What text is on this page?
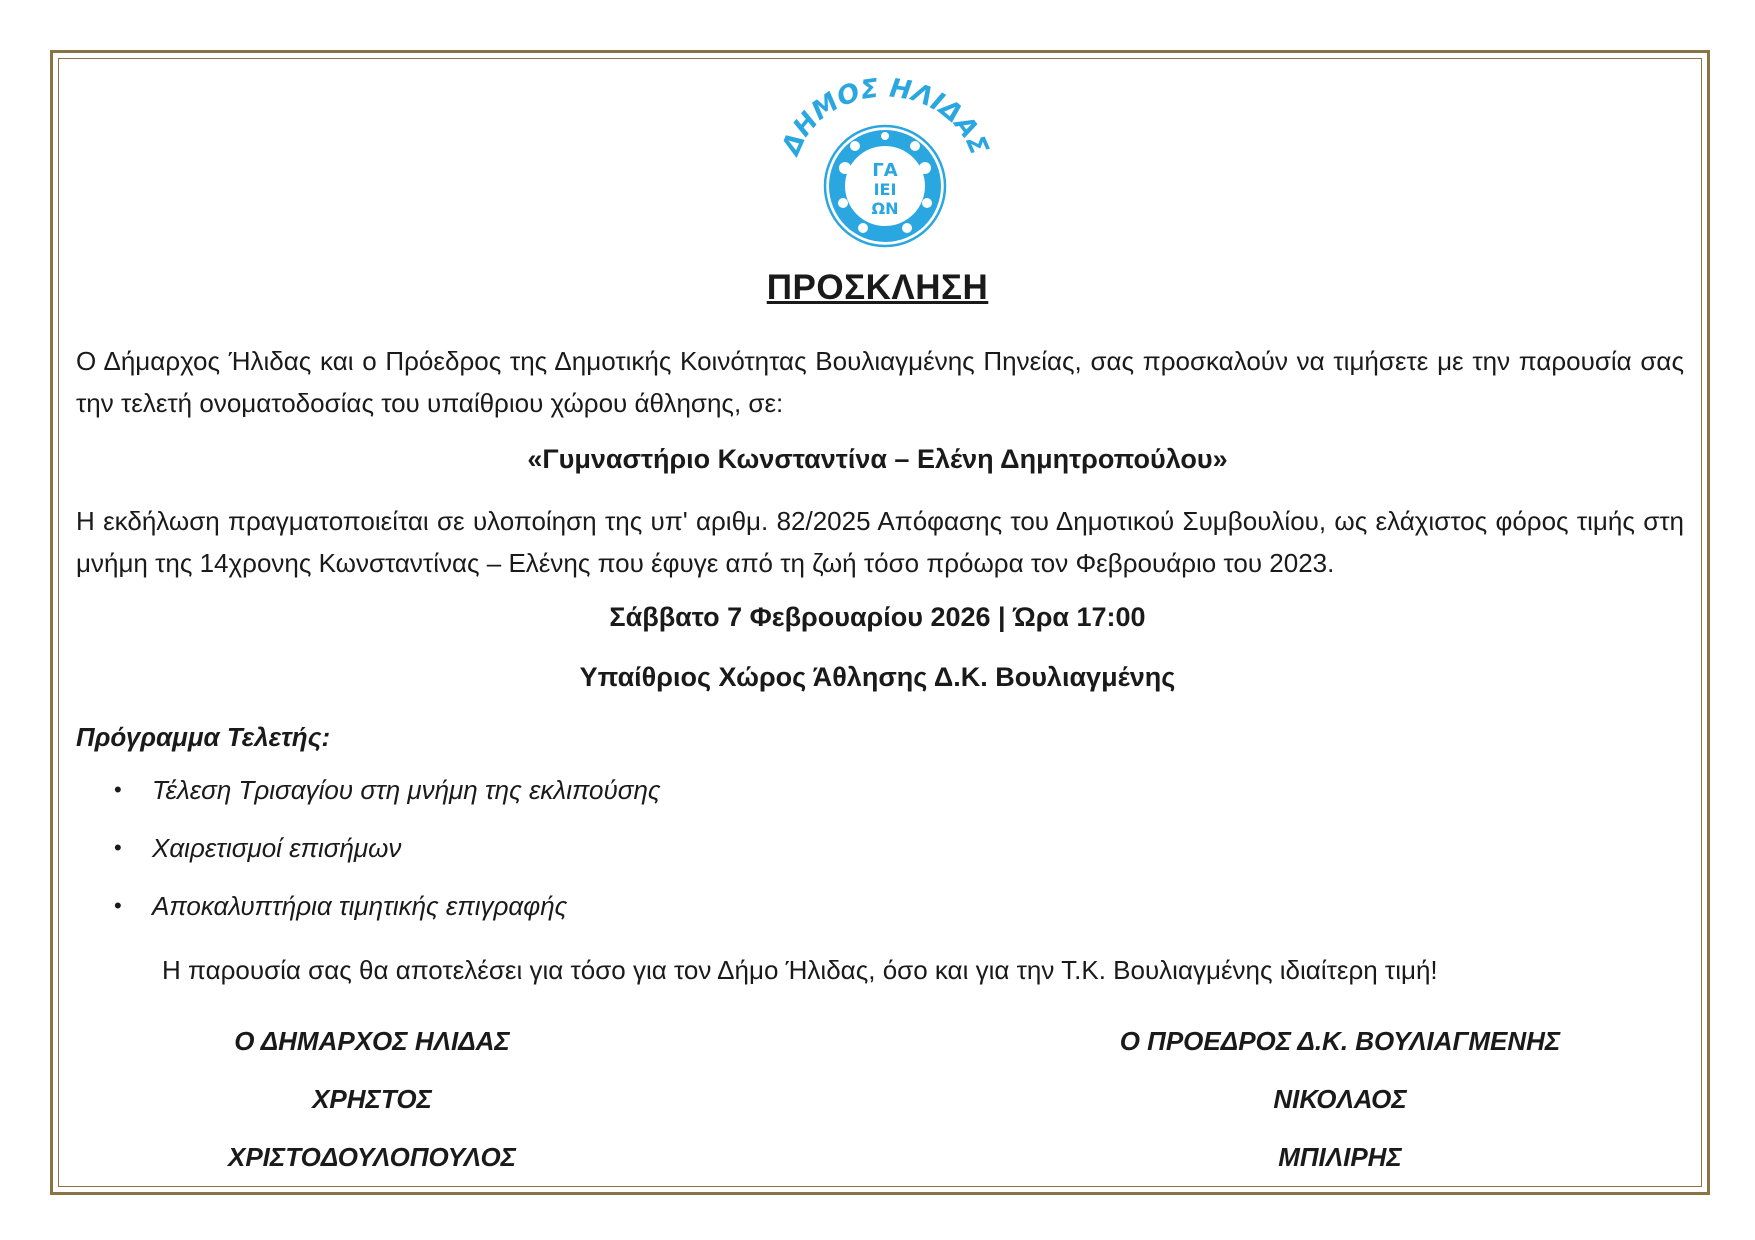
ΔΗΜΟΣ ΗΛΙΔΑΣ
ΓΑ
ΙΕΙ
ΩΝ
ΠΡΟΣΚΛΗΣΗ

Ο Δήμαρχος Ήλιδας και ο Πρόεδρος της Δημοτικής Κοινότητας Βουλιαγμένης Πηνείας, σας προσκαλούν να τιμήσετε με την παρουσία σας την τελετή ονοματοδοσίας του υπαίθριου χώρου άθλησης, σε:

«Γυμναστήριο Κωνσταντίνα – Ελένη Δημητροπούλου»

Η εκδήλωση πραγματοποιείται σε υλοποίηση της υπ' αριθμ. 82/2025 Απόφασης του Δημοτικού Συμβουλίου, ως ελάχιστος φόρος τιμής στη μνήμη της 14χρονης Κωνσταντίνας – Ελένης που έφυγε από τη ζωή τόσο πρόωρα τον Φεβρουάριο του 2023.

Σάββατο 7 Φεβρουαρίου 2026 | Ώρα 17:00

Υπαίθριος Χώρος Άθλησης Δ.Κ. Βουλιαγμένης

Πρόγραμμα Τελετής:

• Τέλεση Τρισαγίου στη μνήμη της εκλιπούσης
• Χαιρετισμοί επισήμων
• Αποκαλυπτήρια τιμητικής επιγραφής

Η παρουσία σας θα αποτελέσει για τόσο για τον Δήμο Ήλιδας, όσο και για την Τ.Κ. Βουλιαγμένης ιδιαίτερη τιμή!

Ο ΔΗΜΑΡΧΟΣ ΗΛΙΔΑΣ
ΧΡΗΣΤΟΣ
ΧΡΙΣΤΟΔΟΥΛΟΠΟΥΛΟΣ
Ο ΠΡΟΕΔΡΟΣ Δ.Κ. ΒΟΥΛΙΑΓΜΕΝΗΣ
ΝΙΚΟΛΑΟΣ
ΜΠΙΛΙΡΗΣ
